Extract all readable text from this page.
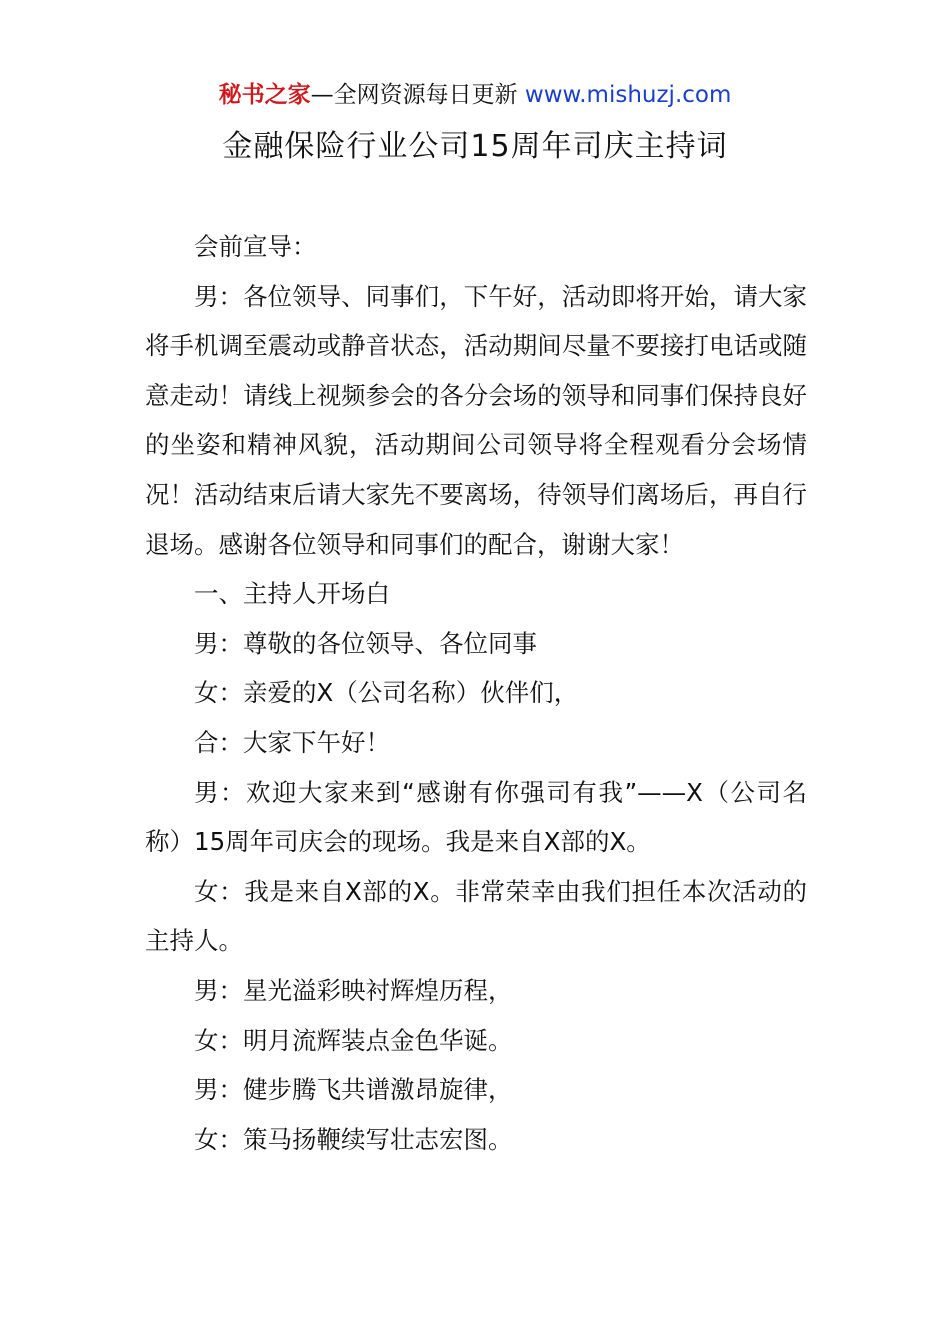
秘书之家—全网资源每日更新 www.mishuzj.com
金融保险行业公司15周年司庆主持词

会前宣导：

男：各位领导、同事们，下午好，活动即将开始，请大家将手机调至震动或静音状态，活动期间尽量不要接打电话或随意走动！请线上视频参会的各分会场的领导和同事们保持良好的坐姿和精神风貌，活动期间公司领导将全程观看分会场情况！活动结束后请大家先不要离场，待领导们离场后，再自行退场。感谢各位领导和同事们的配合，谢谢大家！

一、主持人开场白

男：尊敬的各位领导、各位同事

女：亲爱的X（公司名称）伙伴们，

合：大家下午好！

男：欢迎大家来到“感谢有你强司有我”——X（公司名称）15周年司庆会的现场。我是来自X部的X。

女：我是来自X部的X。非常荣幸由我们担任本次活动的主持人。

男：星光溢彩映衬辉煌历程，

女：明月流辉装点金色华诞。

男：健步腾飞共谱激昂旋律，

女：策马扬鞭续写壮志宏图。
